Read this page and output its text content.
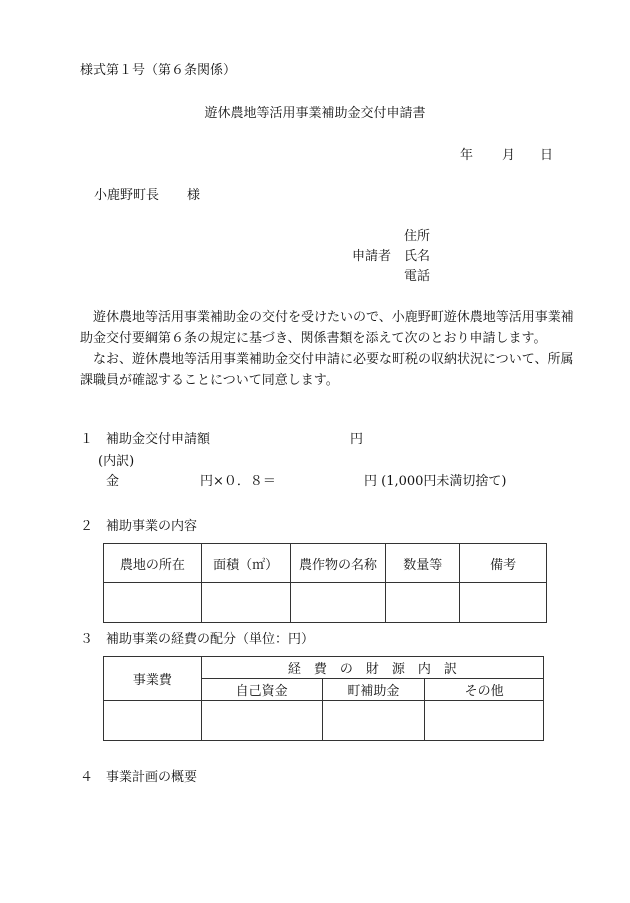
様式第１号（第６条関係）
遊休農地等活用事業補助金交付申請書
年 月 日
小鹿野町長 様
住所
申請者 氏名
電話
遊休農地等活用事業補助金の交付を受けたいので、小鹿野町遊休農地等活用事業補助金交付要綱第６条の規定に基づき、関係書類を添えて次のとおり申請します。
なお、遊休農地等活用事業補助金交付申請に必要な町税の収納状況について、所属課職員が確認することについて同意します。
１ 補助金交付申請額	円
(内訳)
金	円×０．８＝	円 (1,000円未満切捨て)
２ 補助事業の内容
農地の所在	面積（㎡）	農作物の名称	数量等	備考

３ 補助事業の経費の配分（単位：円）
事業費	経　費　の　財　源　内　訳		
	自己資金	町補助金	その他

４ 事業計画の概要
